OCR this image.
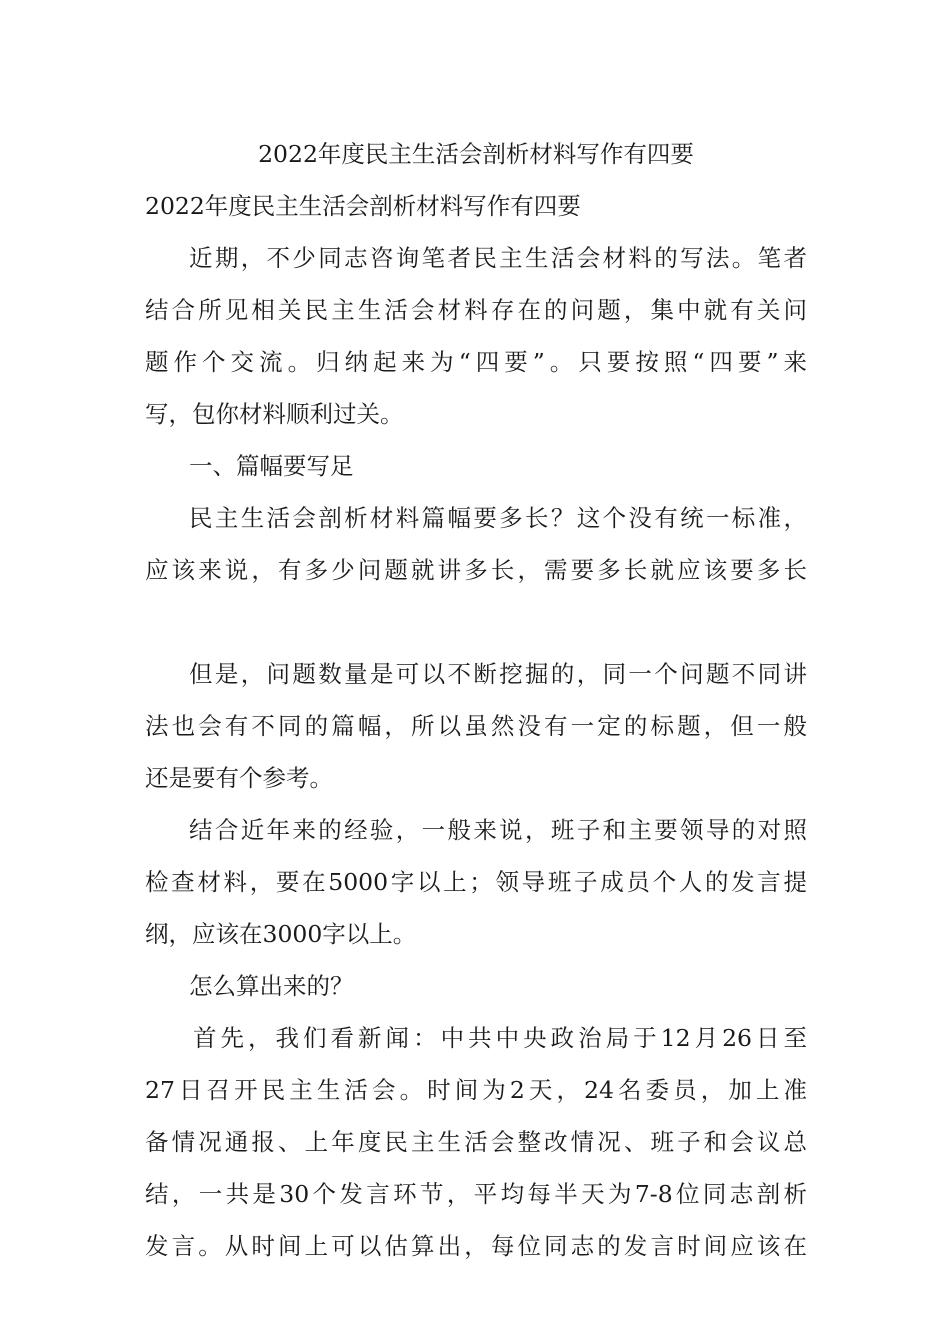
2022年度民主生活会剖析材料写作有四要
2022年度民主生活会剖析材料写作有四要
近期，不少同志咨询笔者民主生活会材料的写法。笔者
结合所见相关民主生活会材料存在的问题，集中就有关问
题作个交流。归纳起来为“四要”。只要按照“四要”来
写，包你材料顺利过关。
一、篇幅要写足
民主生活会剖析材料篇幅要多长？这个没有统一标准，
应该来说，有多少问题就讲多长，需要多长就应该要多长
但是，问题数量是可以不断挖掘的，同一个问题不同讲
法也会有不同的篇幅，所以虽然没有一定的标题，但一般
还是要有个参考。
结合近年来的经验，一般来说，班子和主要领导的对照
检查材料，要在5000字以上；领导班子成员个人的发言提
纲，应该在3000字以上。
怎么算出来的？
首先，我们看新闻：中共中央政治局于12月26日至
27日召开民主生活会。时间为2天，24名委员，加上准
备情况通报、上年度民主生活会整改情况、班子和会议总
结，一共是30个发言环节，平均每半天为7-8位同志剖析
发言。从时间上可以估算出，每位同志的发言时间应该在
